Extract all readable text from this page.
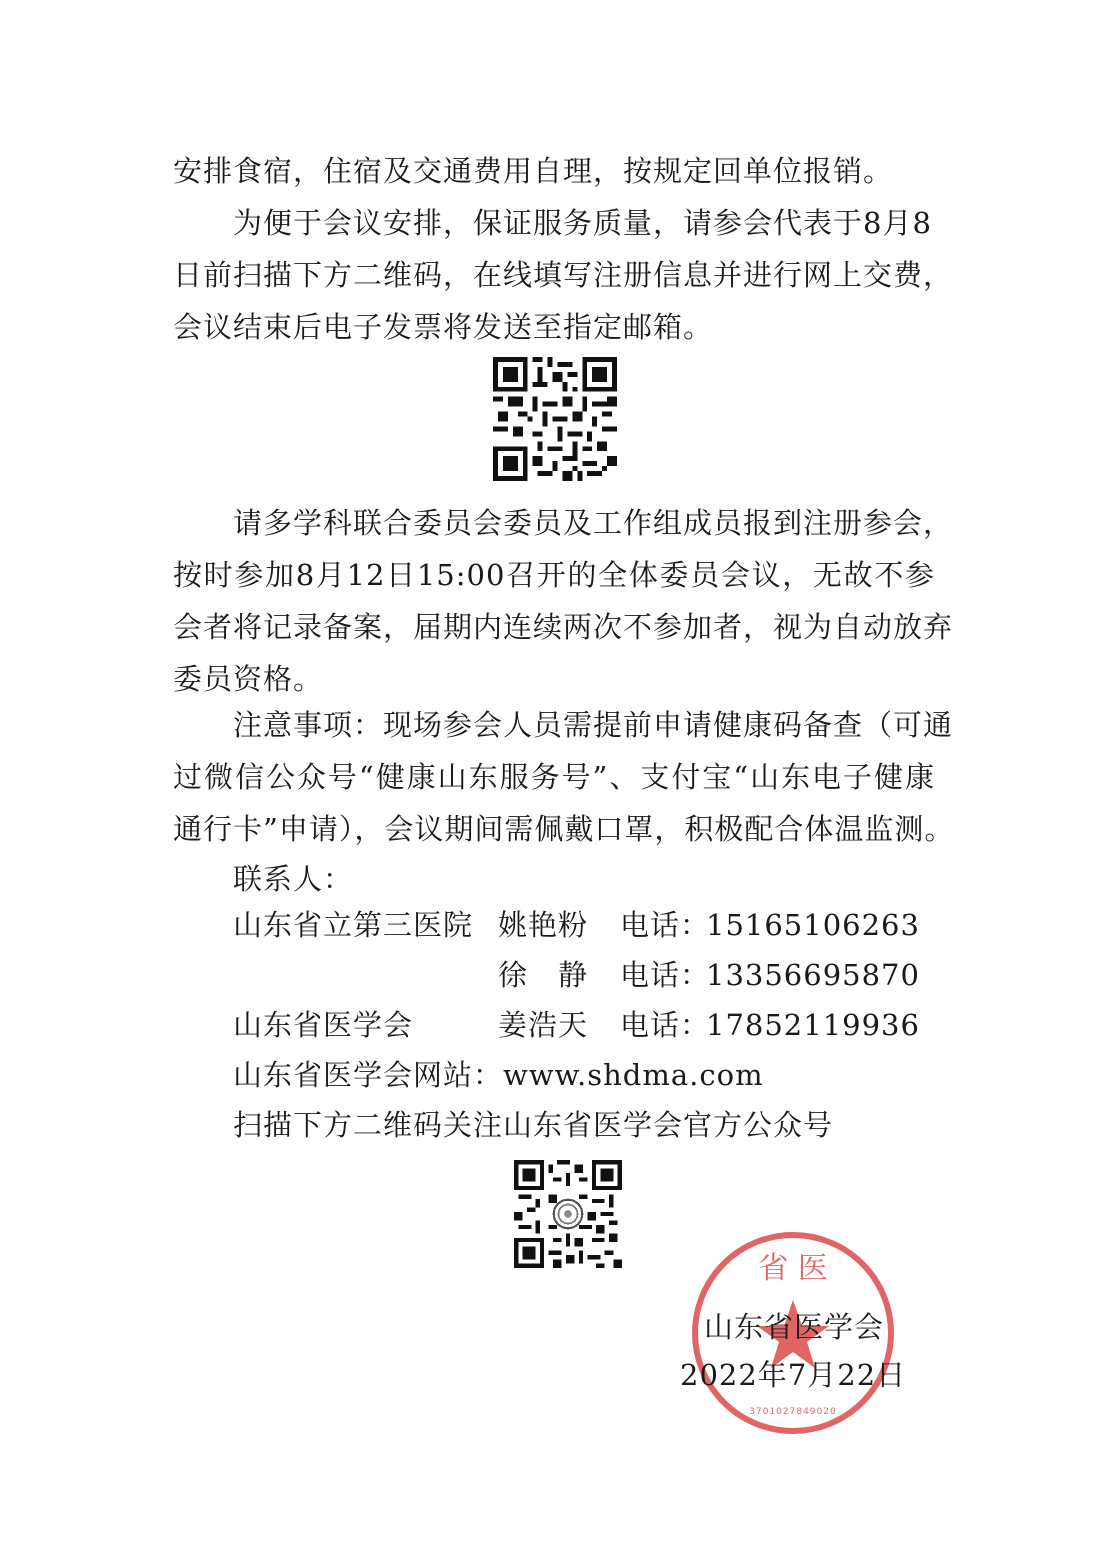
安排食宿，住宿及交通费用自理，按规定回单位报销。
为便于会议安排，保证服务质量，请参会代表于8月8
日前扫描下方二维码，在线填写注册信息并进行网上交费，
会议结束后电子发票将发送至指定邮箱。
请多学科联合委员会委员及工作组成员报到注册参会，
按时参加8月12日15:00召开的全体委员会议，无故不参
会者将记录备案，届期内连续两次不参加者，视为自动放弃
委员资格。
注意事项：现场参会人员需提前申请健康码备查（可通
过微信公众号“健康山东服务号”、支付宝“山东电子健康
通行卡”申请），会议期间需佩戴口罩，积极配合体温监测。
联系人：
山东省立第三医院 姚艳粉 电话：
15165106263
徐　静 电话：
13356695870
山东省医学会	姜浩天 电话：
17852119936
山东省医学会网站：www.shdma.com
扫描下方二维码关注山东省医学会官方公众号
省 医
3701027849020
山东省医学会
2022年7月22日
